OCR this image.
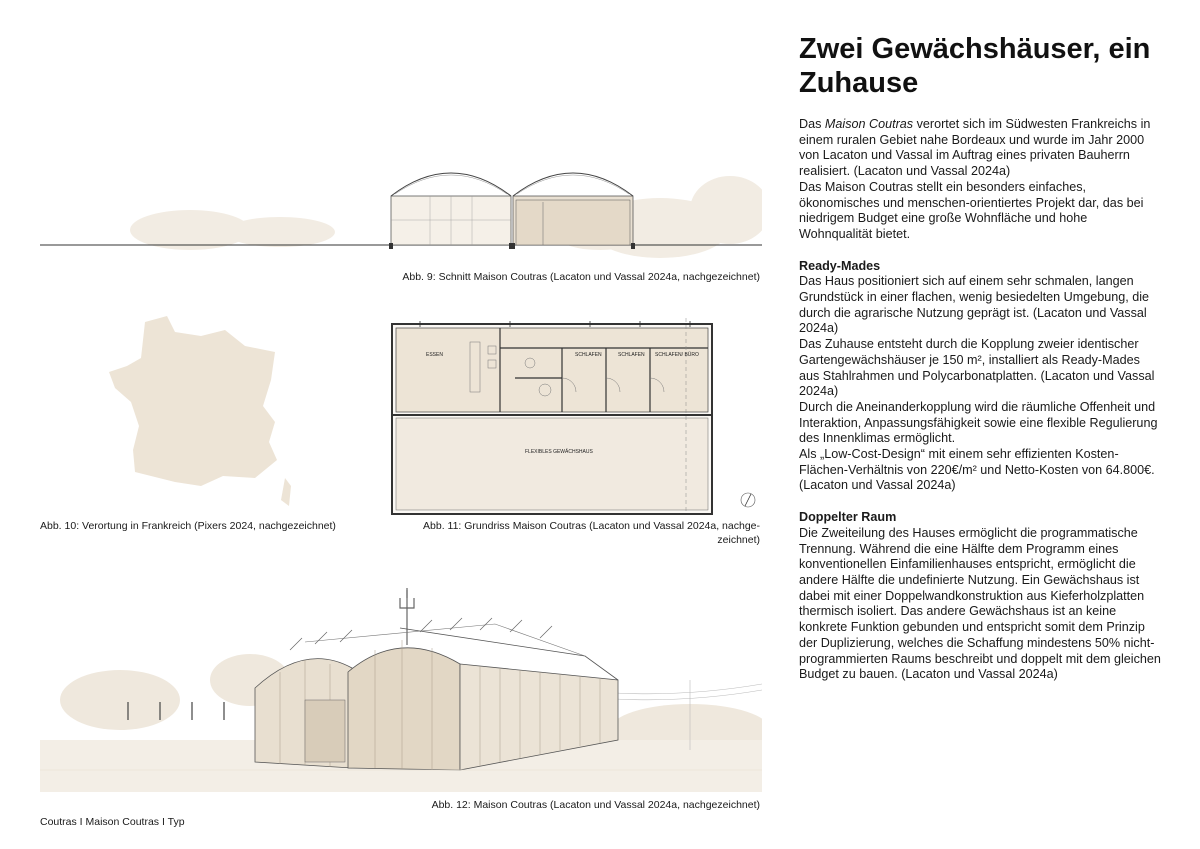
Abb. 9: Schnitt Maison Coutras (Lacaton und Vassal 2024a, nachgezeichnet)
Abb. 10: Verortung in Frankreich (Pixers 2024, nachgezeichnet)
ESSEN	SCHLAFEN	SCHLAFEN SCHLAFEN/ BÜRO
FLEXIBLES GEWÄCHSHAUS
Abb. 11: Grundriss Maison Coutras (Lacaton und Vassal 2024a, nachge-
zeichnet)
Abb. 12: Maison Coutras (Lacaton und Vassal 2024a, nachgezeichnet)
Coutras I Maison Coutras I Typ
Zwei Gewächshäuser, ein Zuhause

Das Maison Coutras verortet sich im Südwesten Frankreichs in einem ruralen Gebiet nahe Bordeaux und wurde im Jahr 2000 von Lacaton und Vassal im Auftrag eines privaten Bauherrn realisiert. (Lacaton und Vassal 2024a)

Das Maison Coutras stellt ein besonders einfaches, ökonomisches und menschen-orientiertes Projekt dar, das bei niedrigem Budget eine große Wohnfläche und hohe Wohnqualität bietet.

Ready-Mades

Das Haus positioniert sich auf einem sehr schmalen, langen Grundstück in einer flachen, wenig besiedelten Umgebung, die durch die agrarische Nutzung geprägt ist. (Lacaton und Vassal 2024a)

Das Zuhause entsteht durch die Kopplung zweier identischer Gartengewächshäuser je 150 m², installiert als Ready-Mades aus Stahlrahmen und Polycarbonatplatten. (Lacaton und Vassal 2024a)

Durch die Aneinanderkopplung wird die räumliche Offenheit und Interaktion, Anpassungsfähigkeit sowie eine flexible Regulierung des Innenklimas ermöglicht.

Als „Low-Cost-Design“ mit einem sehr effizienten Kosten-Flächen-Verhältnis von 220€/m² und Netto-Kosten von 64.800€. (Lacaton und Vassal 2024a)

Doppelter Raum

Die Zweiteilung des Hauses ermöglicht die programmatische Trennung. Während die eine Hälfte dem Programm eines konventionellen Einfamilienhauses entspricht, ermöglicht die andere Hälfte die undefinierte Nutzung. Ein Gewächshaus ist dabei mit einer Doppelwandkonstruktion aus Kieferholzplatten thermisch isoliert. Das andere Gewächshaus ist an keine konkrete Funktion gebunden und entspricht somit dem Prinzip der Duplizierung, welches die Schaffung mindestens 50% nicht-programmierten Raums beschreibt und doppelt mit dem gleichen Budget zu bauen. (Lacaton und Vassal 2024a)
